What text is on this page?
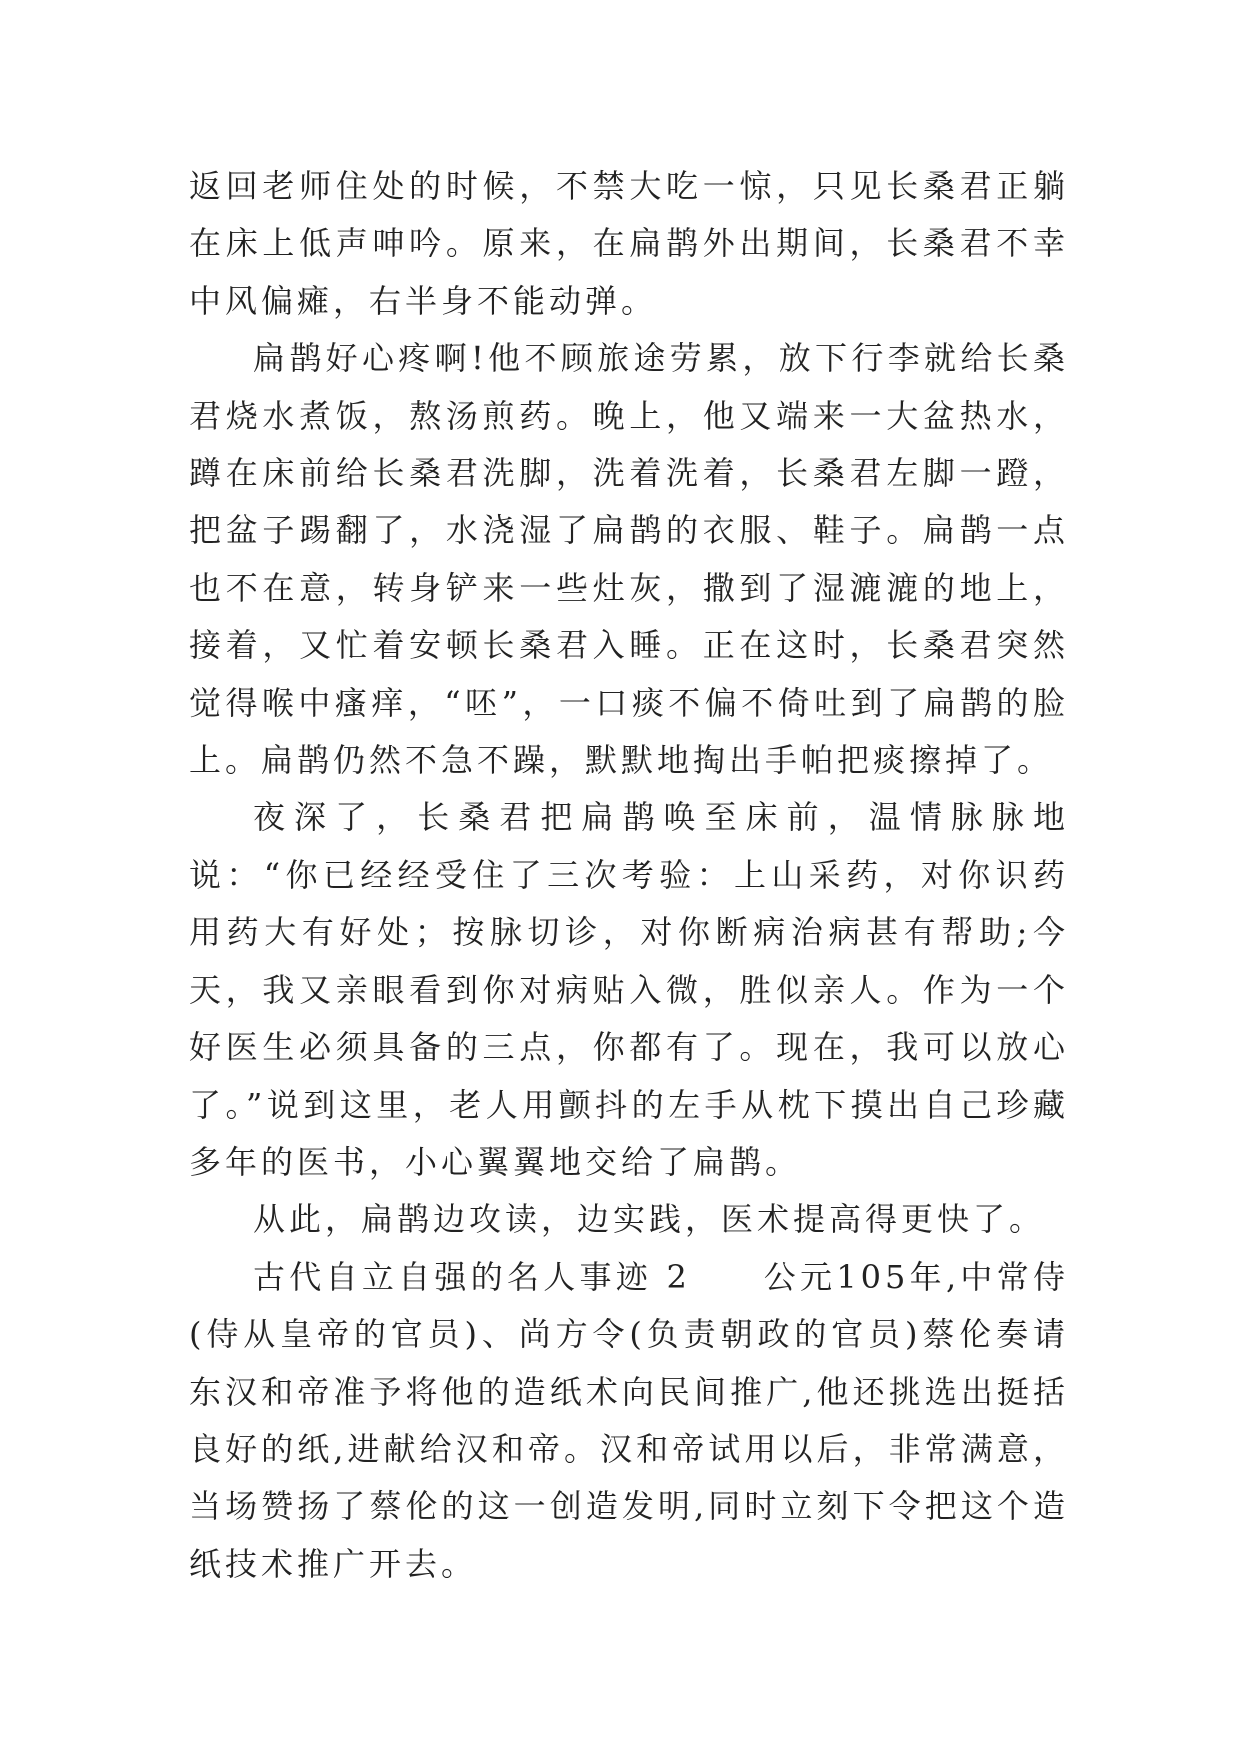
返回老师住处的时候，不禁大吃一惊，只见长桑君正躺在床上低声呻吟。原来，在扁鹊外出期间，长桑君不幸中风偏瘫，右半身不能动弹。

扁鹊好心疼啊!他不顾旅途劳累，放下行李就给长桑君烧水煮饭，熬汤煎药。晚上，他又端来一大盆热水，蹲在床前给长桑君洗脚，洗着洗着，长桑君左脚一蹬，把盆子踢翻了，水浇湿了扁鹊的衣服、鞋子。扁鹊一点也不在意，转身铲来一些灶灰，撒到了湿漉漉的地上，接着，又忙着安顿长桑君入睡。正在这时，长桑君突然觉得喉中瘙痒，“呸”，一口痰不偏不倚吐到了扁鹊的脸上。扁鹊仍然不急不躁，默默地掏出手帕把痰擦掉了。

夜深了，长桑君把扁鹊唤至床前，温情脉脉地说：“你已经经受住了三次考验：上山采药，对你识药用药大有好处；按脉切诊，对你断病治病甚有帮助;今天，我又亲眼看到你对病贴入微，胜似亲人。作为一个好医生必须具备的三点，你都有了。现在，我可以放心了。”说到这里，老人用颤抖的左手从枕下摸出自己珍藏多年的医书，小心翼翼地交给了扁鹊。

从此，扁鹊边攻读，边实践，医术提高得更快了。

古代自立自强的名人事迹 2　　公元105年,中常侍(侍从皇帝的官员)、尚方令(负责朝政的官员)蔡伦奏请东汉和帝准予将他的造纸术向民间推广,他还挑选出挺括良好的纸,进献给汉和帝。汉和帝试用以后，非常满意，当场赞扬了蔡伦的这一创造发明,同时立刻下令把这个造纸技术推广开去。
